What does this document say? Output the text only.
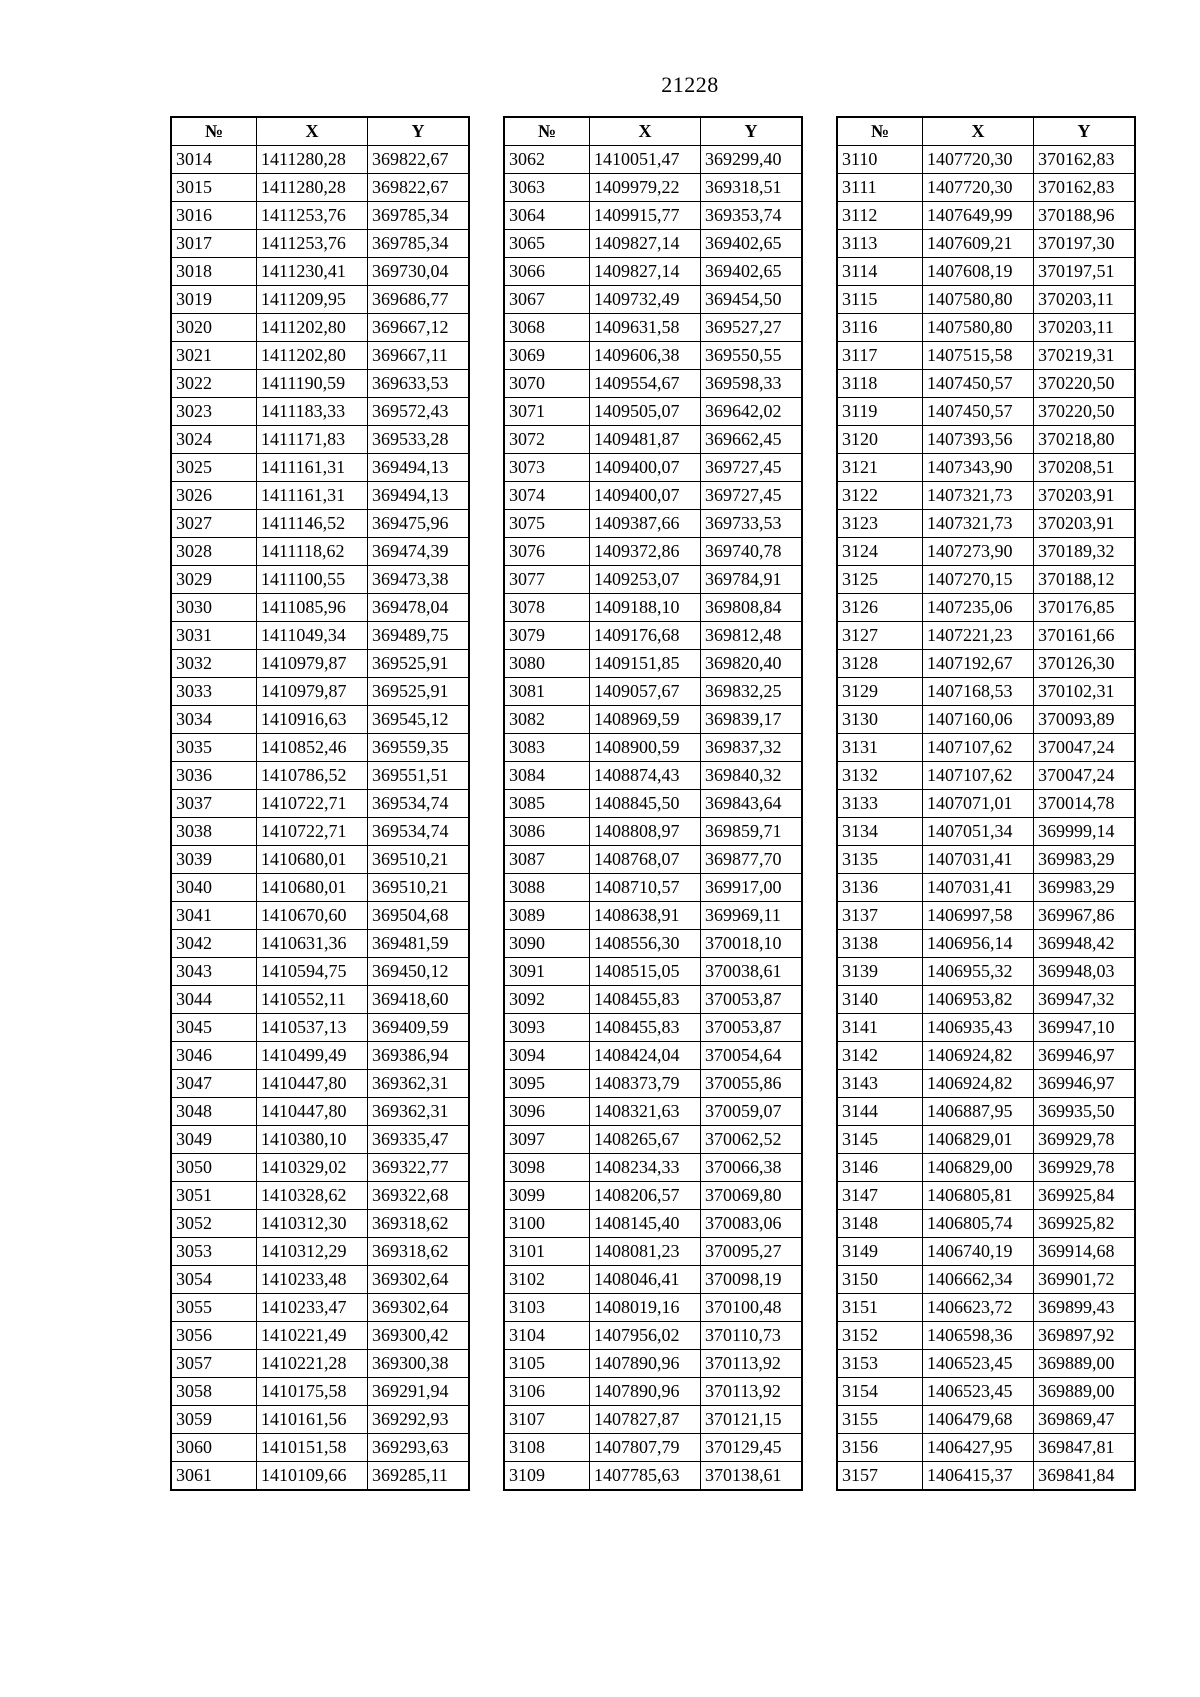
21228
№	X	Y
3014	1411280,28	369822,67
3015	1411280,28	369822,67
3016	1411253,76	369785,34
3017	1411253,76	369785,34
3018	1411230,41	369730,04
3019	1411209,95	369686,77
3020	1411202,80	369667,12
3021	1411202,80	369667,11
3022	1411190,59	369633,53
3023	1411183,33	369572,43
3024	1411171,83	369533,28
3025	1411161,31	369494,13
3026	1411161,31	369494,13
3027	1411146,52	369475,96
3028	1411118,62	369474,39
3029	1411100,55	369473,38
3030	1411085,96	369478,04
3031	1411049,34	369489,75
3032	1410979,87	369525,91
3033	1410979,87	369525,91
3034	1410916,63	369545,12
3035	1410852,46	369559,35
3036	1410786,52	369551,51
3037	1410722,71	369534,74
3038	1410722,71	369534,74
3039	1410680,01	369510,21
3040	1410680,01	369510,21
3041	1410670,60	369504,68
3042	1410631,36	369481,59
3043	1410594,75	369450,12
3044	1410552,11	369418,60
3045	1410537,13	369409,59
3046	1410499,49	369386,94
3047	1410447,80	369362,31
3048	1410447,80	369362,31
3049	1410380,10	369335,47
3050	1410329,02	369322,77
3051	1410328,62	369322,68
3052	1410312,30	369318,62
3053	1410312,29	369318,62
3054	1410233,48	369302,64
3055	1410233,47	369302,64
3056	1410221,49	369300,42
3057	1410221,28	369300,38
3058	1410175,58	369291,94
3059	1410161,56	369292,93
3060	1410151,58	369293,63
3061	1410109,66	369285,11
№	X	Y
3062	1410051,47	369299,40
3063	1409979,22	369318,51
3064	1409915,77	369353,74
3065	1409827,14	369402,65
3066	1409827,14	369402,65
3067	1409732,49	369454,50
3068	1409631,58	369527,27
3069	1409606,38	369550,55
3070	1409554,67	369598,33
3071	1409505,07	369642,02
3072	1409481,87	369662,45
3073	1409400,07	369727,45
3074	1409400,07	369727,45
3075	1409387,66	369733,53
3076	1409372,86	369740,78
3077	1409253,07	369784,91
3078	1409188,10	369808,84
3079	1409176,68	369812,48
3080	1409151,85	369820,40
3081	1409057,67	369832,25
3082	1408969,59	369839,17
3083	1408900,59	369837,32
3084	1408874,43	369840,32
3085	1408845,50	369843,64
3086	1408808,97	369859,71
3087	1408768,07	369877,70
3088	1408710,57	369917,00
3089	1408638,91	369969,11
3090	1408556,30	370018,10
3091	1408515,05	370038,61
3092	1408455,83	370053,87
3093	1408455,83	370053,87
3094	1408424,04	370054,64
3095	1408373,79	370055,86
3096	1408321,63	370059,07
3097	1408265,67	370062,52
3098	1408234,33	370066,38
3099	1408206,57	370069,80
3100	1408145,40	370083,06
3101	1408081,23	370095,27
3102	1408046,41	370098,19
3103	1408019,16	370100,48
3104	1407956,02	370110,73
3105	1407890,96	370113,92
3106	1407890,96	370113,92
3107	1407827,87	370121,15
3108	1407807,79	370129,45
3109	1407785,63	370138,61
№	X	Y
3110	1407720,30	370162,83
3111	1407720,30	370162,83
3112	1407649,99	370188,96
3113	1407609,21	370197,30
3114	1407608,19	370197,51
3115	1407580,80	370203,11
3116	1407580,80	370203,11
3117	1407515,58	370219,31
3118	1407450,57	370220,50
3119	1407450,57	370220,50
3120	1407393,56	370218,80
3121	1407343,90	370208,51
3122	1407321,73	370203,91
3123	1407321,73	370203,91
3124	1407273,90	370189,32
3125	1407270,15	370188,12
3126	1407235,06	370176,85
3127	1407221,23	370161,66
3128	1407192,67	370126,30
3129	1407168,53	370102,31
3130	1407160,06	370093,89
3131	1407107,62	370047,24
3132	1407107,62	370047,24
3133	1407071,01	370014,78
3134	1407051,34	369999,14
3135	1407031,41	369983,29
3136	1407031,41	369983,29
3137	1406997,58	369967,86
3138	1406956,14	369948,42
3139	1406955,32	369948,03
3140	1406953,82	369947,32
3141	1406935,43	369947,10
3142	1406924,82	369946,97
3143	1406924,82	369946,97
3144	1406887,95	369935,50
3145	1406829,01	369929,78
3146	1406829,00	369929,78
3147	1406805,81	369925,84
3148	1406805,74	369925,82
3149	1406740,19	369914,68
3150	1406662,34	369901,72
3151	1406623,72	369899,43
3152	1406598,36	369897,92
3153	1406523,45	369889,00
3154	1406523,45	369889,00
3155	1406479,68	369869,47
3156	1406427,95	369847,81
3157	1406415,37	369841,84
